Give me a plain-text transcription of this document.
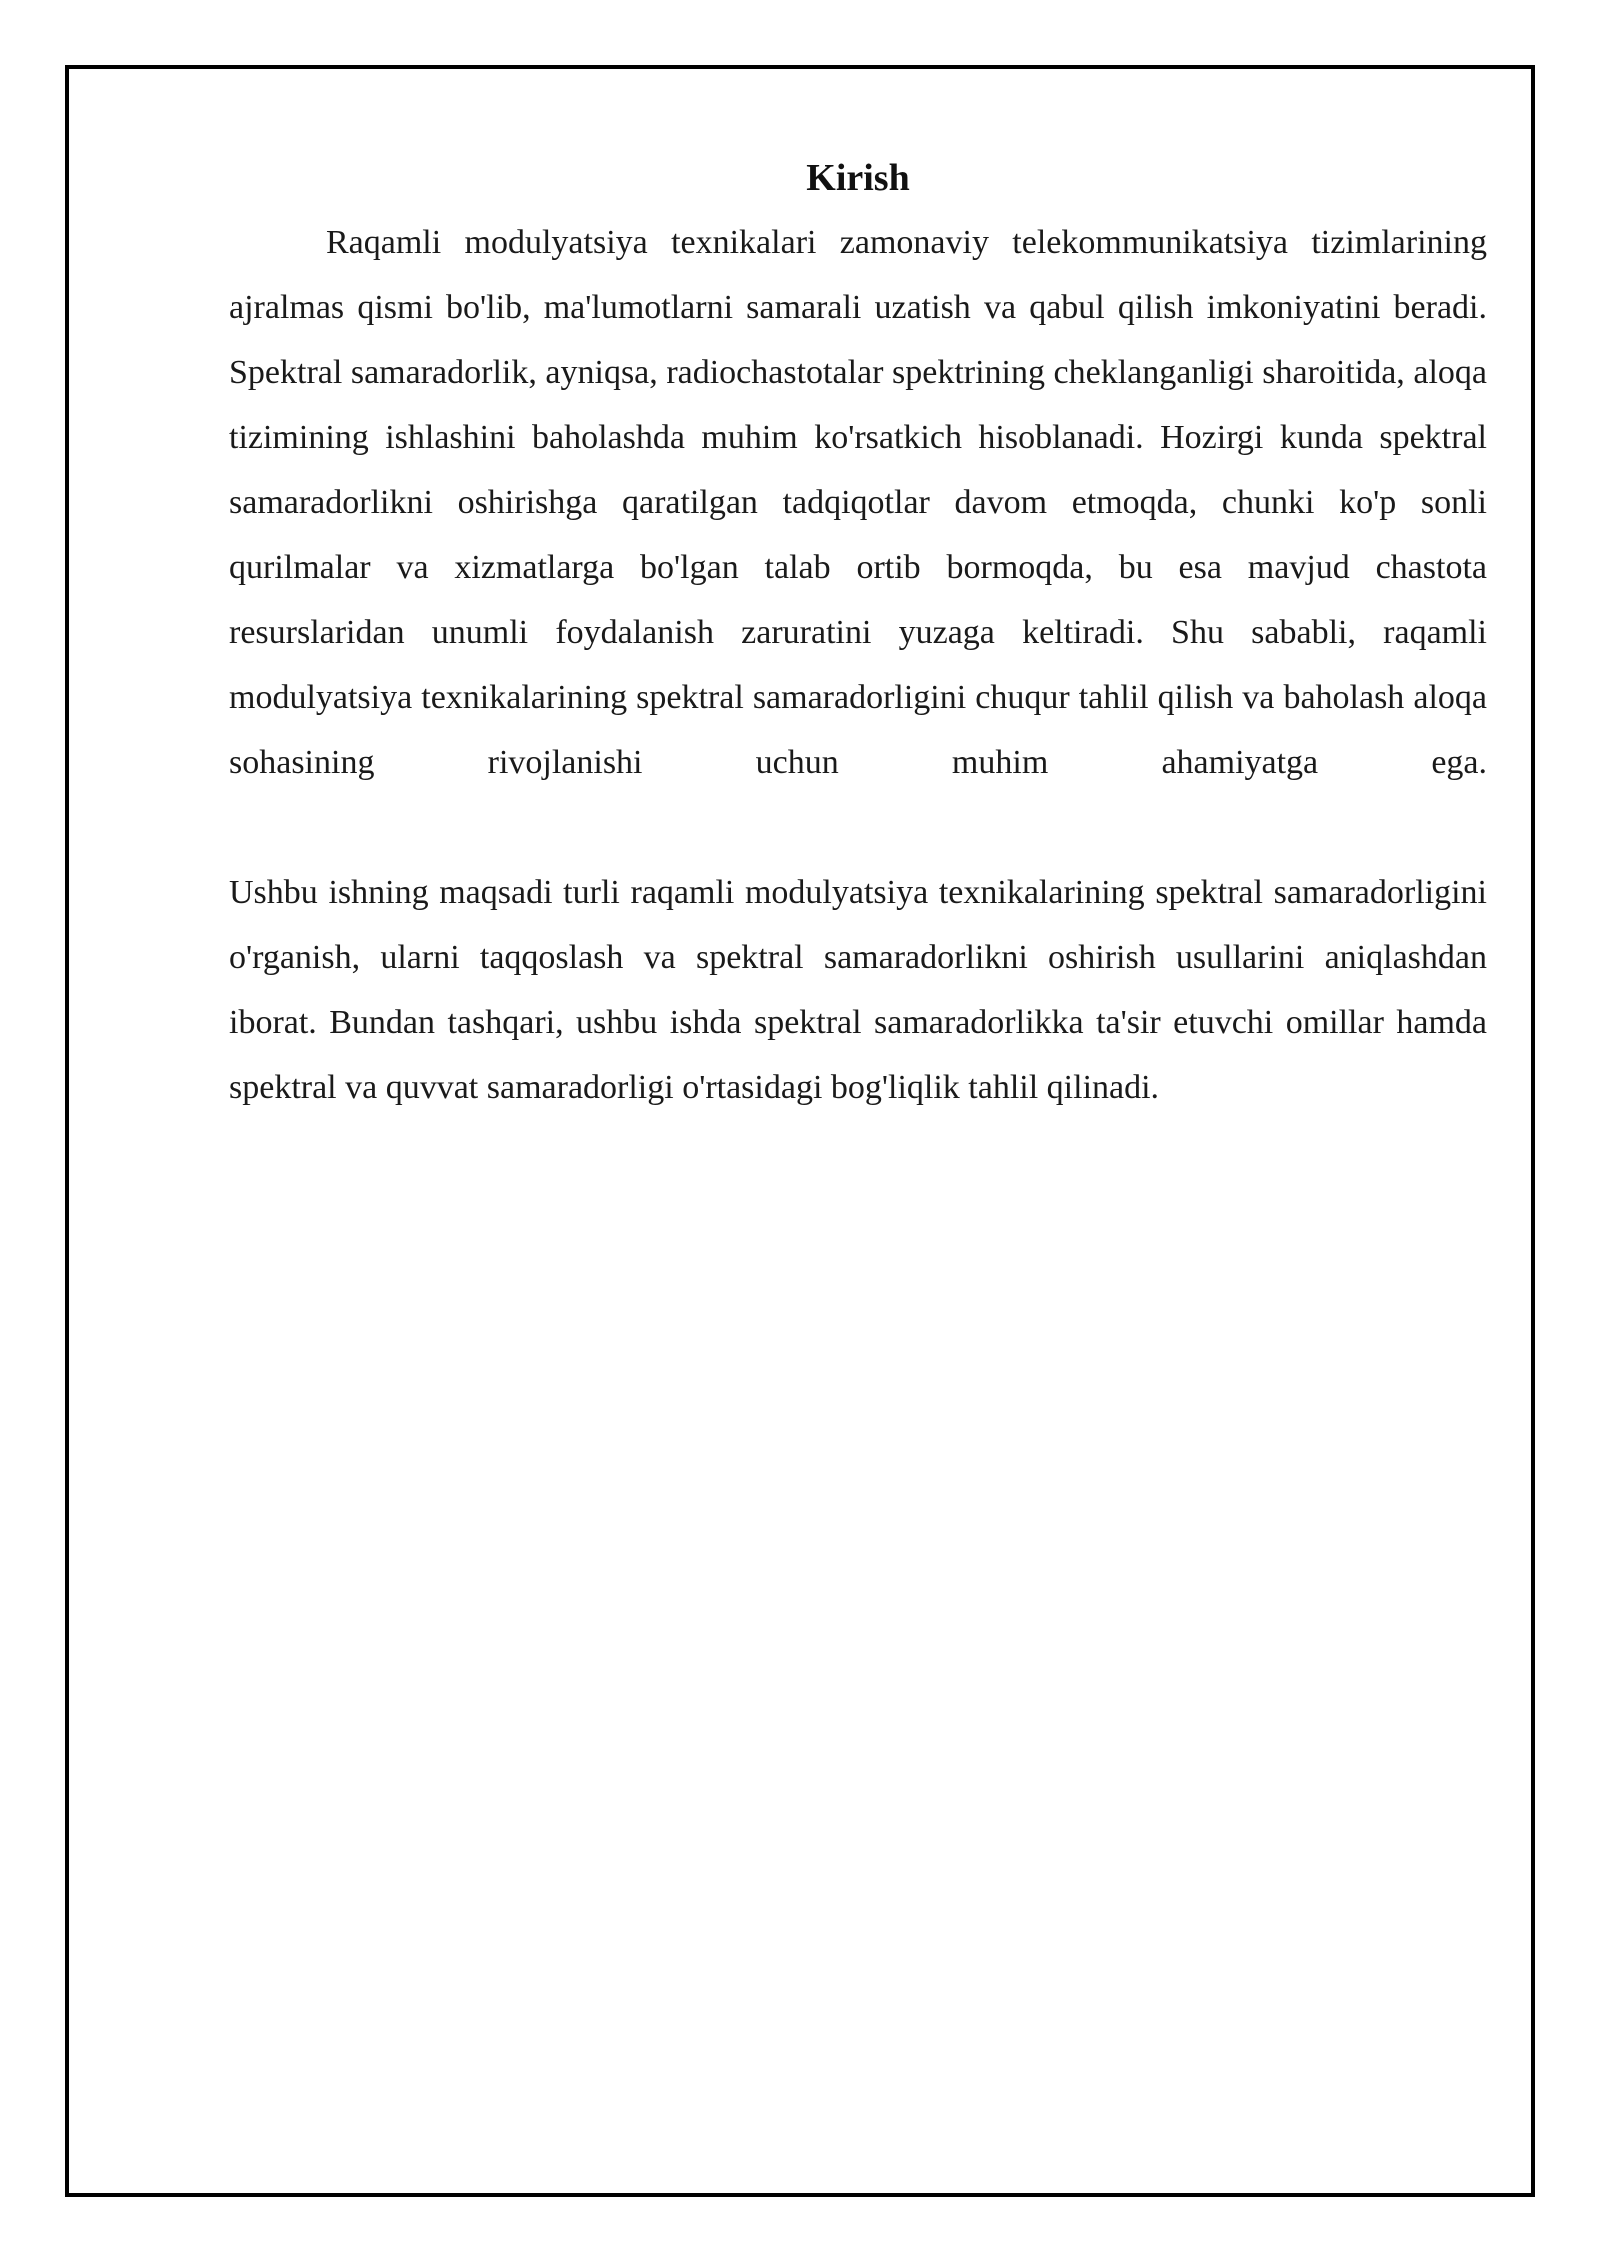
Kirish

Raqamli modulyatsiya texnikalari zamonaviy telekommunikatsiya tizimlarining ajralmas qismi bo'lib, ma'lumotlarni samarali uzatish va qabul qilish imkoniyatini beradi. Spektral samaradorlik, ayniqsa, radiochastotalar spektrining cheklanganligi sharoitida, aloqa tizimining ishlashini baholashda muhim ko'rsatkich hisoblanadi. Hozirgi kunda spektral samaradorlikni oshirishga qaratilgan tadqiqotlar davom etmoqda, chunki ko'p sonli qurilmalar va xizmatlarga bo'lgan talab ortib bormoqda, bu esa mavjud chastota resurslaridan unumli foydalanish zaruratini yuzaga keltiradi. Shu sababli, raqamli modulyatsiya texnikalarining spektral samaradorligini chuqur tahlil qilish va baholash aloqa sohasining rivojlanishi uchun muhim ahamiyatga ega.

Ushbu ishning maqsadi turli raqamli modulyatsiya texnikalarining spektral samaradorligini o'rganish, ularni taqqoslash va spektral samaradorlikni oshirish usullarini aniqlashdan iborat. Bundan tashqari, ushbu ishda spektral samaradorlikka ta'sir etuvchi omillar hamda spektral va quvvat samaradorligi o'rtasidagi bog'liqlik tahlil qilinadi.
